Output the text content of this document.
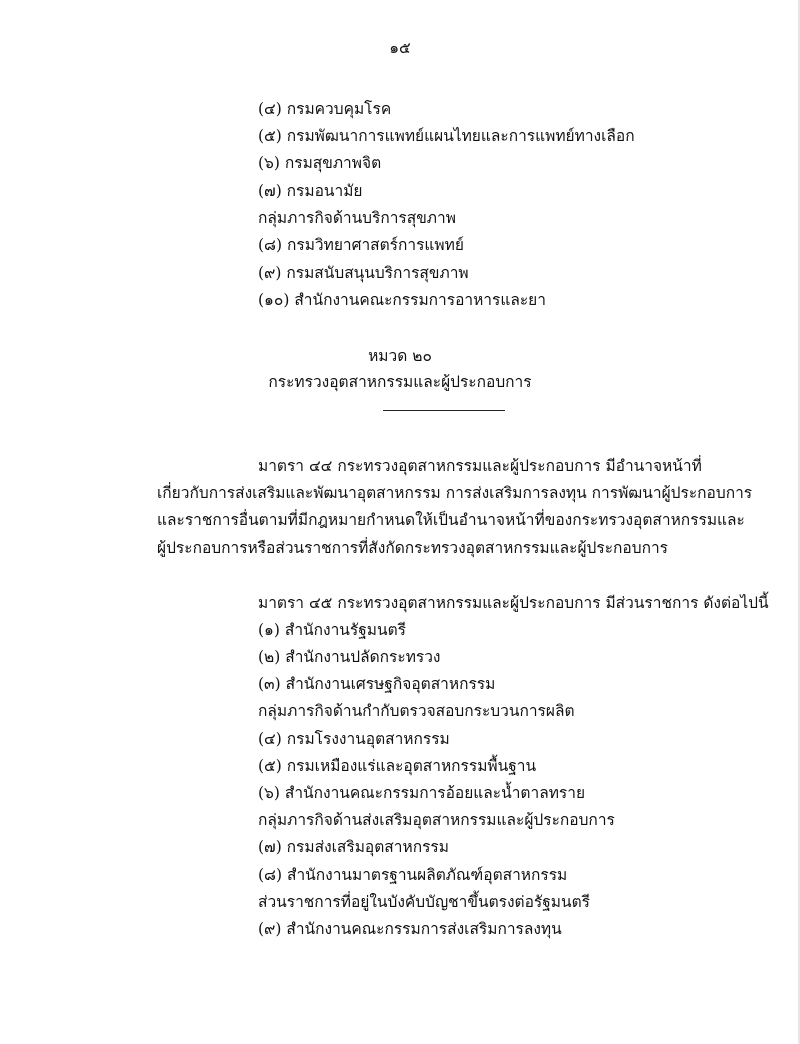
๑๕
(๔) กรมควบคุมโรค
(๕) กรมพัฒนาการแพทย์แผนไทยและการแพทย์ทางเลือก
(๖) กรมสุขภาพจิต
(๗) กรมอนามัย
กลุ่มภารกิจด้านบริการสุขภาพ
(๘) กรมวิทยาศาสตร์การแพทย์
(๙) กรมสนับสนุนบริการสุขภาพ
(๑๐) สำนักงานคณะกรรมการอาหารและยา
หมวด ๒๐
กระทรวงอุตสาหกรรมและผู้ประกอบการ
มาตรา ๔๔ กระทรวงอุตสาหกรรมและผู้ประกอบการ มีอำนาจหน้าที่
เกี่ยวกับการส่งเสริมและพัฒนาอุตสาหกรรม การส่งเสริมการลงทุน การพัฒนาผู้ประกอบการ
และราชการอื่นตามที่มีกฎหมายกำหนดให้เป็นอำนาจหน้าที่ของกระทรวงอุตสาหกรรมและ
ผู้ประกอบการหรือส่วนราชการที่สังกัดกระทรวงอุตสาหกรรมและผู้ประกอบการ
มาตรา ๔๕ กระทรวงอุตสาหกรรมและผู้ประกอบการ มีส่วนราชการ ดังต่อไปนี้
(๑) สำนักงานรัฐมนตรี
(๒) สำนักงานปลัดกระทรวง
(๓) สำนักงานเศรษฐกิจอุตสาหกรรม
กลุ่มภารกิจด้านกำกับตรวจสอบกระบวนการผลิต
(๔) กรมโรงงานอุตสาหกรรม
(๕) กรมเหมืองแร่และอุตสาหกรรมพื้นฐาน
(๖) สำนักงานคณะกรรมการอ้อยและน้ำตาลทราย
กลุ่มภารกิจด้านส่งเสริมอุตสาหกรรมและผู้ประกอบการ
(๗) กรมส่งเสริมอุตสาหกรรม
(๘) สำนักงานมาตรฐานผลิตภัณฑ์อุตสาหกรรม
ส่วนราชการที่อยู่ในบังคับบัญชาขึ้นตรงต่อรัฐมนตรี
(๙) สำนักงานคณะกรรมการส่งเสริมการลงทุน
